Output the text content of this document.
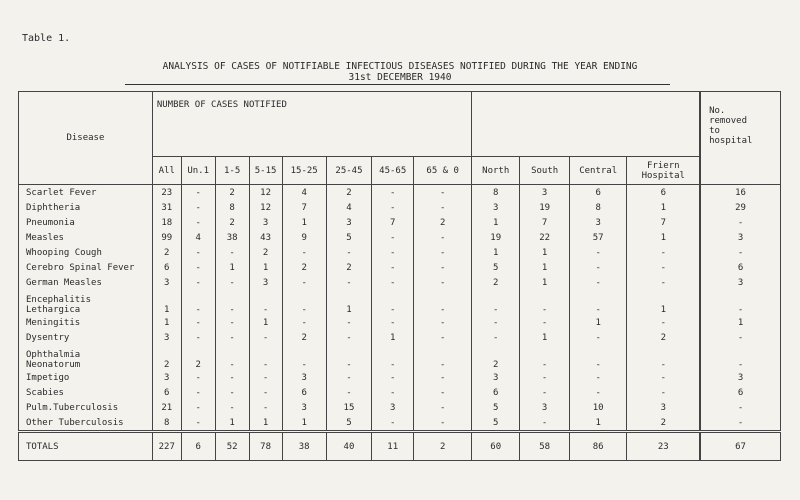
Table 1.
ANALYSIS OF CASES OF NOTIFIABLE INFECTIOUS DISEASES NOTIFIED DURING THE YEAR ENDING
31st DECEMBER 1940
Disease	NUMBER OF CASES NOTIFIED												No.
removed
to
hospital
	All	Un.1	1-5	5-15	15-25	25-45	45-65	65 & 0	North	South	Central	Friern
Hospital	
Scarlet Fever	23	-	2	12	4	2	-	-	8	3	6	6	16
Diphtheria	31	-	8	12	7	4	-	-	3	19	8	1	29
Pneumonia	18	-	2	3	1	3	7	2	1	7	3	7	-
Measles	99	4	38	43	9	5	-	-	19	22	57	1	3
Whooping Cough	2	-	-	2	-	-	-	-	1	1	-	-	-
Cerebro Spinal Fever	6	-	1	1	2	2	-	-	5	1	-	-	6
German Measles	3	-	-	3	-	-	-	-	2	1	-	-	3
Encephalitis
Lethargica	1	-	-	-	-	1	-	-	-	-	-	1	-
Meningitis	1	-	-	1	-	-	-	-	-	-	1	-	1
Dysentry	3	-	-	-	2	-	1	-	-	1	-	2	-
Ophthalmia
Neonatorum	2	2	-	-	-	-	-	-	2	-	-	-	-
Impetigo	3	-	-	-	3	-	-	-	3	-	-	-	3
Scabies	6	-	-	-	6	-	-	-	6	-	-	-	6
Pulm.Tuberculosis	21	-	-	-	3	15	3	-	5	3	10	3	-
Other Tuberculosis	8	-	1	1	1	5	-	-	5	-	1	2	-
TOTALS	227	6	52	78	38	40	11	2	60	58	86	23	67
